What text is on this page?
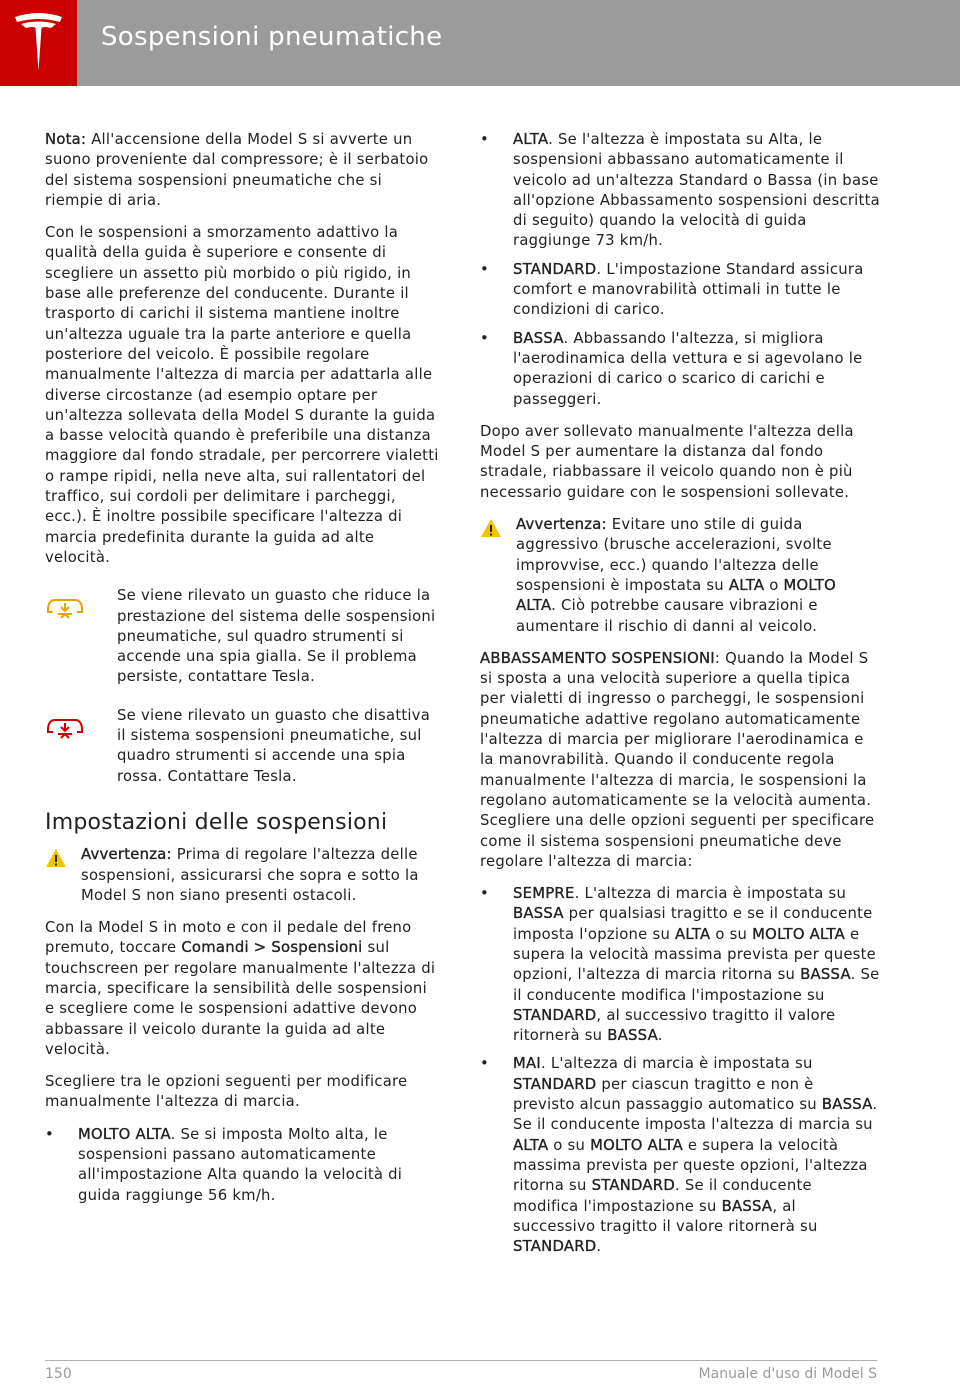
Sospensioni pneumatiche

Nota: All'accensione della Model S si avverte un suono proveniente dal compressore; è il serbatoio del sistema sospensioni pneumatiche che si riempie di aria.

Con le sospensioni a smorzamento adattivo la qualità della guida è superiore e consente di scegliere un assetto più morbido o più rigido, in base alle preferenze del conducente. Durante il trasporto di carichi il sistema mantiene inoltre un'altezza uguale tra la parte anteriore e quella posteriore del veicolo. È possibile regolare manualmente l'altezza di marcia per adattarla alle diverse circostanze (ad esempio optare per un'altezza sollevata della Model S durante la guida a basse velocità quando è preferibile una distanza maggiore dal fondo stradale, per percorrere vialetti o rampe ripidi, nella neve alta, sui rallentatori del traffico, sui cordoli per delimitare i parcheggi, ecc.). È inoltre possibile specificare l'altezza di marcia predefinita durante la guida ad alte velocità.

Se viene rilevato un guasto che riduce la prestazione del sistema delle sospensioni pneumatiche, sul quadro strumenti si accende una spia gialla. Se il problema persiste, contattare Tesla.
Se viene rilevato un guasto che disattiva il sistema sospensioni pneumatiche, sul quadro strumenti si accende una spia rossa. Contattare Tesla.
Impostazioni delle sospensioni
Avvertenza: Prima di regolare l'altezza delle sospensioni, assicurarsi che sopra e sotto la Model S non siano presenti ostacoli.

Con la Model S in moto e con il pedale del freno premuto, toccare Comandi > Sospensioni sul touchscreen per regolare manualmente l'altezza di marcia, specificare la sensibilità delle sospensioni e scegliere come le sospensioni adattive devono abbassare il veicolo durante la guida ad alte velocità.

Scegliere tra le opzioni seguenti per modificare manualmente l'altezza di marcia.

• MOLTO ALTA. Se si imposta Molto alta, le sospensioni passano automaticamente all'impostazione Alta quando la velocità di guida raggiunge 56 km/h.
• ALTA. Se l'altezza è impostata su Alta, le sospensioni abbassano automaticamente il veicolo ad un'altezza Standard o Bassa (in base all'opzione Abbassamento sospensioni descritta di seguito) quando la velocità di guida raggiunge 73 km/h.
• STANDARD. L'impostazione Standard assicura comfort e manovrabilità ottimali in tutte le condizioni di carico.
• BASSA. Abbassando l'altezza, si migliora l'aerodinamica della vettura e si agevolano le operazioni di carico o scarico di carichi e passeggeri.

Dopo aver sollevato manualmente l'altezza della Model S per aumentare la distanza dal fondo stradale, riabbassare il veicolo quando non è più necessario guidare con le sospensioni sollevate.

Avvertenza: Evitare uno stile di guida aggressivo (brusche accelerazioni, svolte improvvise, ecc.) quando l'altezza delle sospensioni è impostata su ALTA o MOLTO ALTA. Ciò potrebbe causare vibrazioni e aumentare il rischio di danni al veicolo.

ABBASSAMENTO SOSPENSIONI: Quando la Model S si sposta a una velocità superiore a quella tipica per vialetti di ingresso o parcheggi, le sospensioni pneumatiche adattive regolano automaticamente l'altezza di marcia per migliorare l'aerodinamica e la manovrabilità. Quando il conducente regola manualmente l'altezza di marcia, le sospensioni la regolano automaticamente se la velocità aumenta. Scegliere una delle opzioni seguenti per specificare come il sistema sospensioni pneumatiche deve regolare l'altezza di marcia:

• SEMPRE. L'altezza di marcia è impostata su BASSA per qualsiasi tragitto e se il conducente imposta l'opzione su ALTA o su MOLTO ALTA e supera la velocità massima prevista per queste opzioni, l'altezza di marcia ritorna su BASSA. Se il conducente modifica l'impostazione su STANDARD, al successivo tragitto il valore ritornerà su BASSA.
• MAI. L'altezza di marcia è impostata su STANDARD per ciascun tragitto e non è previsto alcun passaggio automatico su BASSA. Se il conducente imposta l'altezza di marcia su ALTA o su MOLTO ALTA e supera la velocità massima prevista per queste opzioni, l'altezza ritorna su STANDARD. Se il conducente modifica l'impostazione su BASSA, al successivo tragitto il valore ritornerà su STANDARD.
150	Manuale d'uso di Model S
